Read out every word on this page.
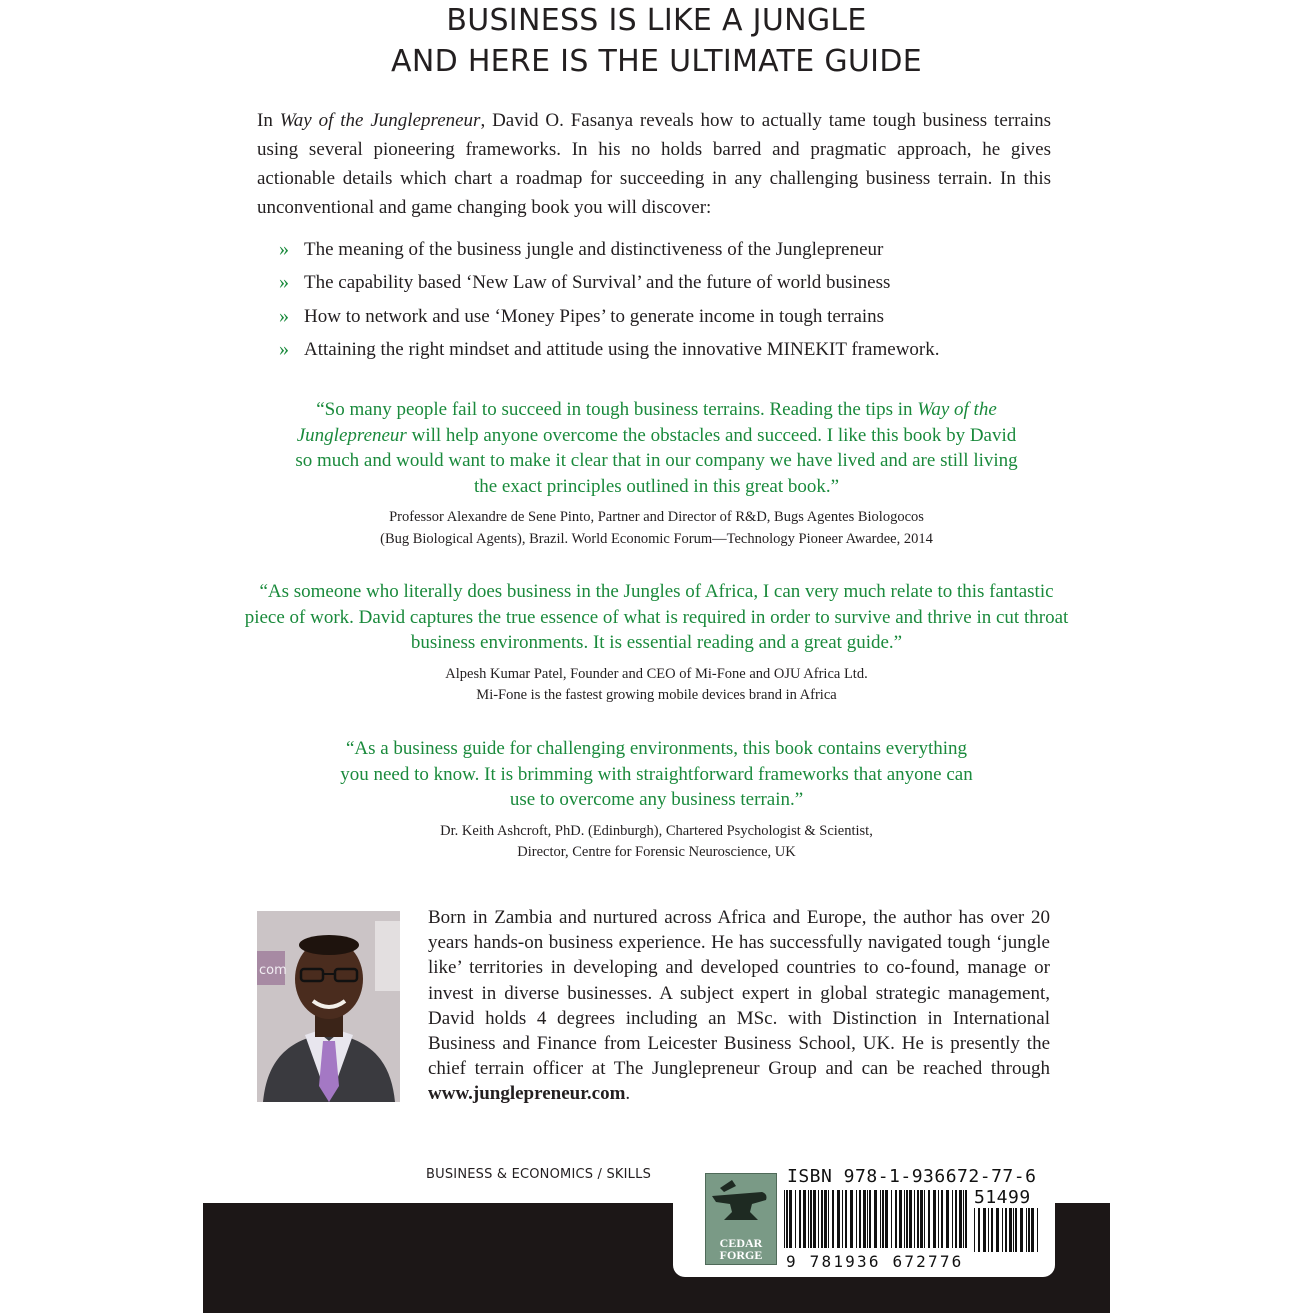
BUSINESS IS LIKE A JUNGLE
AND HERE IS THE ULTIMATE GUIDE

In Way of the Junglepreneur, David O. Fasanya reveals how to actually tame tough business terrains using several pioneering frameworks. In his no holds barred and pragmatic approach, he gives actionable details which chart a roadmap for succeeding in any challenging business terrain. In this unconventional and game changing book you will discover:

» The meaning of the business jungle and distinctiveness of the Junglepreneur
» The capability based ‘New Law of Survival’ and the future of world business
» How to network and use ‘Money Pipes’ to generate income in tough terrains
» Attaining the right mindset and attitude using the innovative MINEKIT framework.

“So many people fail to succeed in tough business terrains. Reading the tips in Way of the Junglepreneur will help anyone overcome the obstacles and succeed. I like this book by David so much and would want to make it clear that in our company we have lived and are still living the exact principles outlined in this great book.”

Professor Alexandre de Sene Pinto, Partner and Director of R&D, Bugs Agentes Biologocos
(Bug Biological Agents), Brazil. World Economic Forum—Technology Pioneer Awardee, 2014

“As someone who literally does business in the Jungles of Africa, I can very much relate to this fantastic piece of work. David captures the true essence of what is required in order to survive and thrive in cut throat business environments. It is essential reading and a great guide.”

Alpesh Kumar Patel, Founder and CEO of Mi-Fone and OJU Africa Ltd.
Mi-Fone is the fastest growing mobile devices brand in Africa

“As a business guide for challenging environments, this book contains everything you need to know. It is brimming with straightforward frameworks that anyone can use to overcome any business terrain.”

Dr. Keith Ashcroft, PhD. (Edinburgh), Chartered Psychologist & Scientist,
Director, Centre for Forensic Neuroscience, UK

com

Born in Zambia and nurtured across Africa and Europe, the author has over 20 years hands-on business experience. He has successfully navigated tough ‘jungle like’ territories in developing and developed countries to co-found, manage or invest in diverse businesses. A subject expert in global strategic management, David holds 4 degrees including an MSc. with Distinction in International Business and Finance from Leicester Business School, UK. He is presently the chief terrain officer at The Junglepreneur Group and can be reached through www.junglepreneur.com.

BUSINESS & ECONOMICS / SKILLS
CEDAR
FORGE
ISBN 978-1-936672-77-6
51499
9 781936 672776
